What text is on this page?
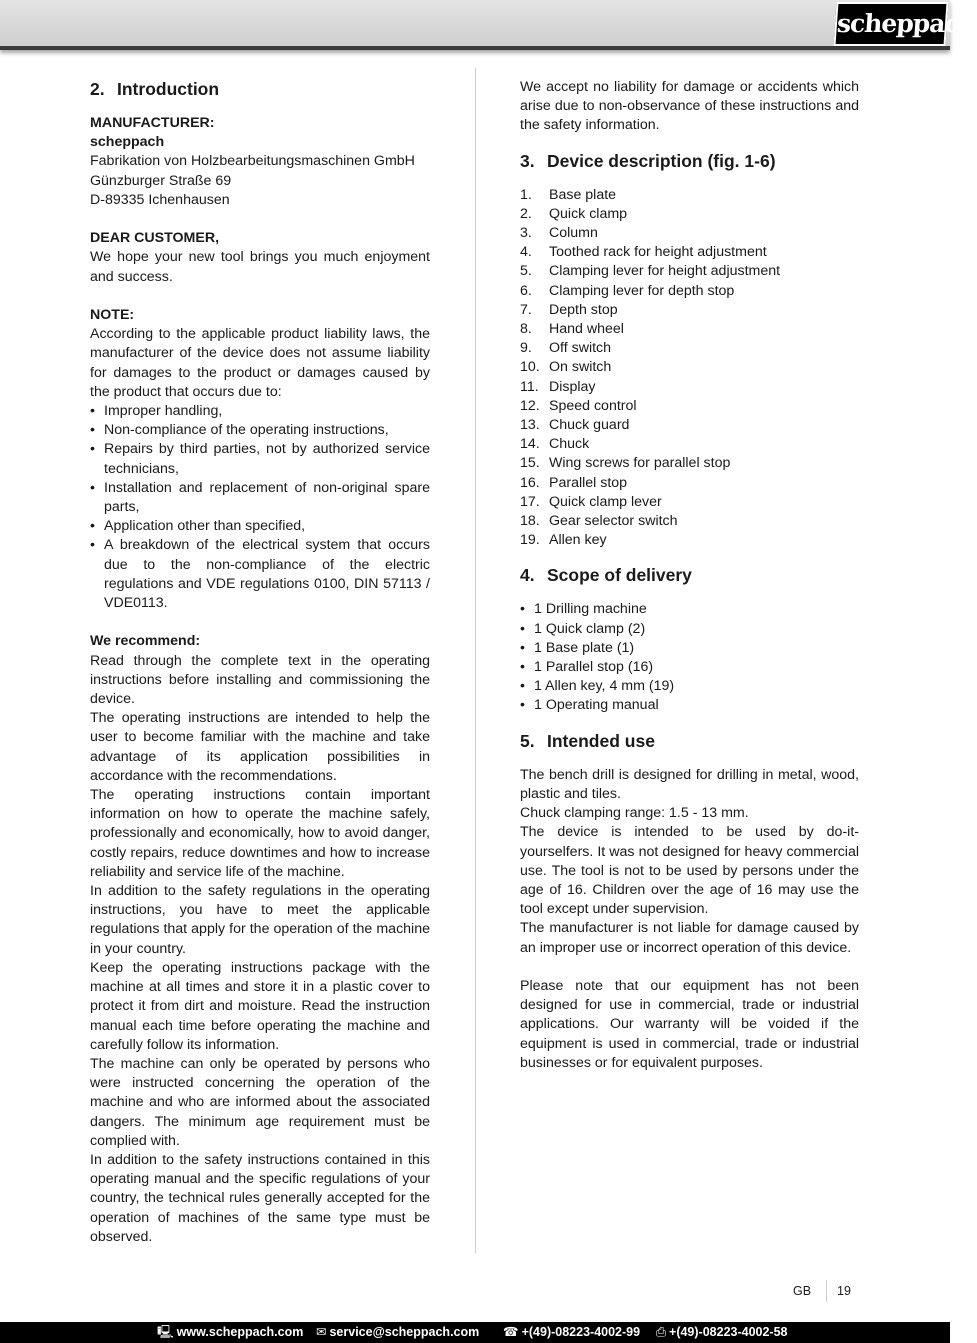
scheppach
2. Introduction

MANUFACTURER:

scheppach

Fabrikation von Holzbearbeitungsmaschinen GmbH

Günzburger Straße 69

D-89335 Ichenhausen

DEAR CUSTOMER,

We hope your new tool brings you much enjoyment and success.

NOTE:

According to the applicable product liability laws, the manufacturer of the device does not assume liability for damages to the product or damages caused by the product that occurs due to:

• Improper handling,
• Non-compliance of the operating instructions,
• Repairs by third parties, not by authorized service technicians,
• Installation and replacement of non-original spare parts,
• Application other than specified,
• A breakdown of the electrical system that occurs due to the non-compliance of the electric regulations and VDE regulations 0100, DIN 57113 / VDE0113.

We recommend:

Read through the complete text in the operating instructions before installing and commissioning the device.

The operating instructions are intended to help the user to become familiar with the machine and take advantage of its application possibilities in accordance with the recommendations.

The operating instructions contain important information on how to operate the machine safely, professionally and economically, how to avoid danger, costly repairs, reduce downtimes and how to increase reliability and service life of the machine.

In addition to the safety regulations in the operating instructions, you have to meet the applicable regulations that apply for the operation of the machine in your country.

Keep the operating instructions package with the machine at all times and store it in a plastic cover to protect it from dirt and moisture. Read the instruction manual each time before operating the machine and carefully follow its information.

The machine can only be operated by persons who were instructed concerning the operation of the machine and who are informed about the associated dangers. The minimum age requirement must be complied with.

In addition to the safety instructions contained in this operating manual and the specific regulations of your country, the technical rules generally accepted for the operation of machines of the same type must be observed.

We accept no liability for damage or accidents which arise due to non-observance of these instructions and the safety information.

3. Device description (fig. 1-6)
1.	Base plate
2.	Quick clamp
3.	Column
4.	Toothed rack for height adjustment
5.	Clamping lever for height adjustment
6.	Clamping lever for depth stop
7.	Depth stop
8.	Hand wheel
9.	Off switch
10. On switch
11. Display
12. Speed control
13. Chuck guard
14. Chuck
15. Wing screws for parallel stop
16. Parallel stop
17. Quick clamp lever
18. Gear selector switch
19. Allen key
4. Scope of delivery
• 1 Drilling machine
• 1 Quick clamp (2)
• 1 Base plate (1)
• 1 Parallel stop (16)
• 1 Allen key, 4 mm (19)
• 1 Operating manual
5. Intended use

The bench drill is designed for drilling in metal, wood, plastic and tiles.

Chuck clamping range: 1.5 - 13 mm.

The device is intended to be used by do-it-yourselfers. It was not designed for heavy commercial use. The tool is not to be used by persons under the age of 16. Children over the age of 16 may use the tool except under supervision.

The manufacturer is not liable for damage caused by an improper use or incorrect operation of this device.

Please note that our equipment has not been designed for use in commercial, trade or industrial applications. Our warranty will be voided if the equipment is used in commercial, trade or industrial businesses or for equivalent purposes.

GB 19
🖳 www.scheppach.com ✉ service@scheppach.com ☎ +(49)-08223-4002-99 ⎙ +(49)-08223-4002-58
